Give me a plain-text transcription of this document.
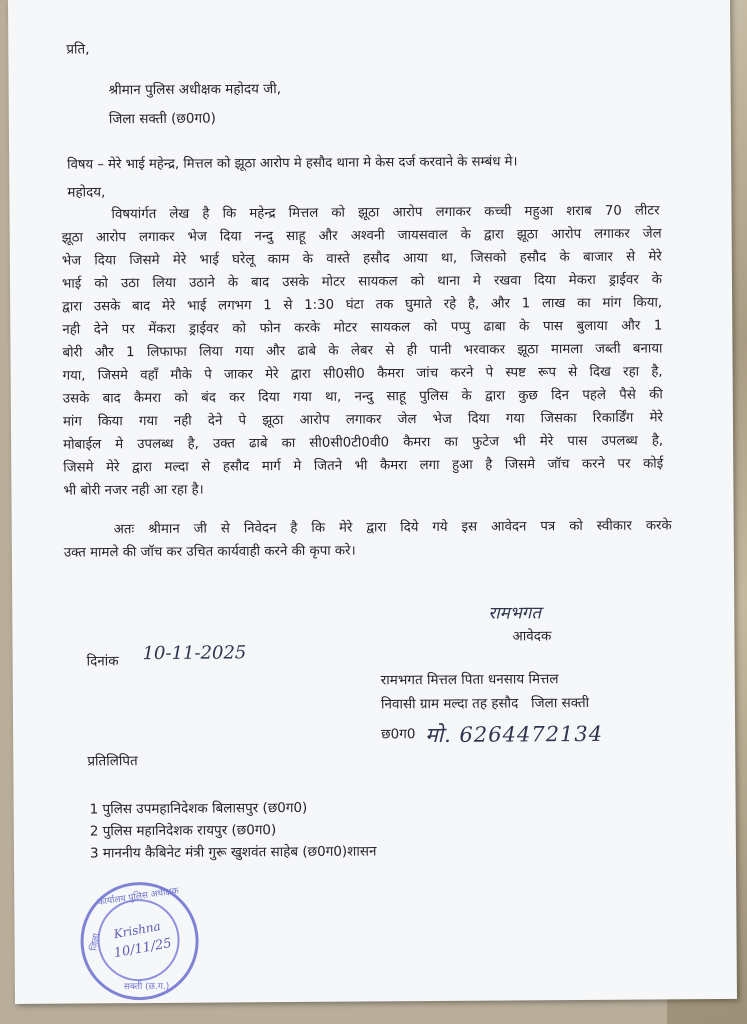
प्रति,
श्रीमान पुलिस अधीक्षक महोदय जी,
जिला सक्ती (छ0ग0)
विषय – मेरे भाई महेन्द्र, मित्तल को झूठा आरोप मे हसौद थाना मे केस दर्ज करवाने के सम्बंध मे।
महोदय,
विषयांर्गत लेख है कि महेन्द्र मित्तल को झूठा आरोप लगाकर कच्ची महुआ शराब 70 लीटर
झूठा आरोप लगाकर भेज दिया नन्दु साहू और अश्वनी जायसवाल के द्वारा झूठा आरोप लगाकर जेल
भेज दिया जिसमे मेरे भाई घरेलू काम के वास्ते हसौद आया था, जिसको हसौद के बाजार से मेरे
भाई को उठा लिया उठाने के बाद उसके मोटर सायकल को थाना मे रखवा दिया मेकरा ड्राईवर के
द्वारा उसके बाद मेरे भाई लगभग 1 से 1:30 घंटा तक घुमाते रहे है, और 1 लाख का मांग किया,
नही देने पर मेंकरा ड्राईवर को फोन करके मोटर सायकल को पप्पु ढाबा के पास बुलाया और 1
बोरी और 1 लिफाफा लिया गया और ढाबे के लेबर से ही पानी भरवाकर झूठा मामला जब्ती बनाया
गया, जिसमे वहाँ मौके पे जाकर मेरे द्वारा सी0सी0 कैमरा जांच करने पे स्पष्ट रूप से दिख रहा है,
उसके बाद कैमरा को बंद कर दिया गया था, नन्दु साहू पुलिस के द्वारा कुछ दिन पहले पैसे की
मांग किया गया नही देने पे झूठा आरोप लगाकर जेल भेज दिया गया जिसका रिकार्डिंग मेरे
मोबाईल मे उपलब्ध है, उक्त ढाबे का सी0सी0टी0वी0 कैमरा का फुटेज भी मेरे पास उपलब्ध है,
जिसमे मेरे द्वारा मल्दा से हसौद मार्ग मे जितने भी कैमरा लगा हुआ है जिसमे जॉच करने पर कोई
भी बोरी नजर नही आ रहा है।
अतः श्रीमान जी से निवेदन है कि मेरे द्वारा दिये गये इस आवेदन पत्र को स्वीकार करके
उक्त मामले की जॉच कर उचित कार्यवाही करने की कृपा करे।
रामभगत
आवेदक
दिनांक 10-11-2025
रामभगत मित्तल पिता धनसाय मित्तल
निवासी ग्राम मल्दा तह हसौद   जिला सक्ती
छ0ग0 मो. 6264472134
प्रतिलिपित
1 पुलिस उपमहानिदेशक बिलासपुर (छ0ग0)
2 पुलिस महानिदेशक रायपुर (छ0ग0)
3 माननीय कैबिनेट मंत्री गुरू खुशवंत साहेब (छ0ग0)शासन
कार्यालय पुलिस अधीक्षक
जिला
Krishna
10/11/25
सक्ती (छ.ग.)
